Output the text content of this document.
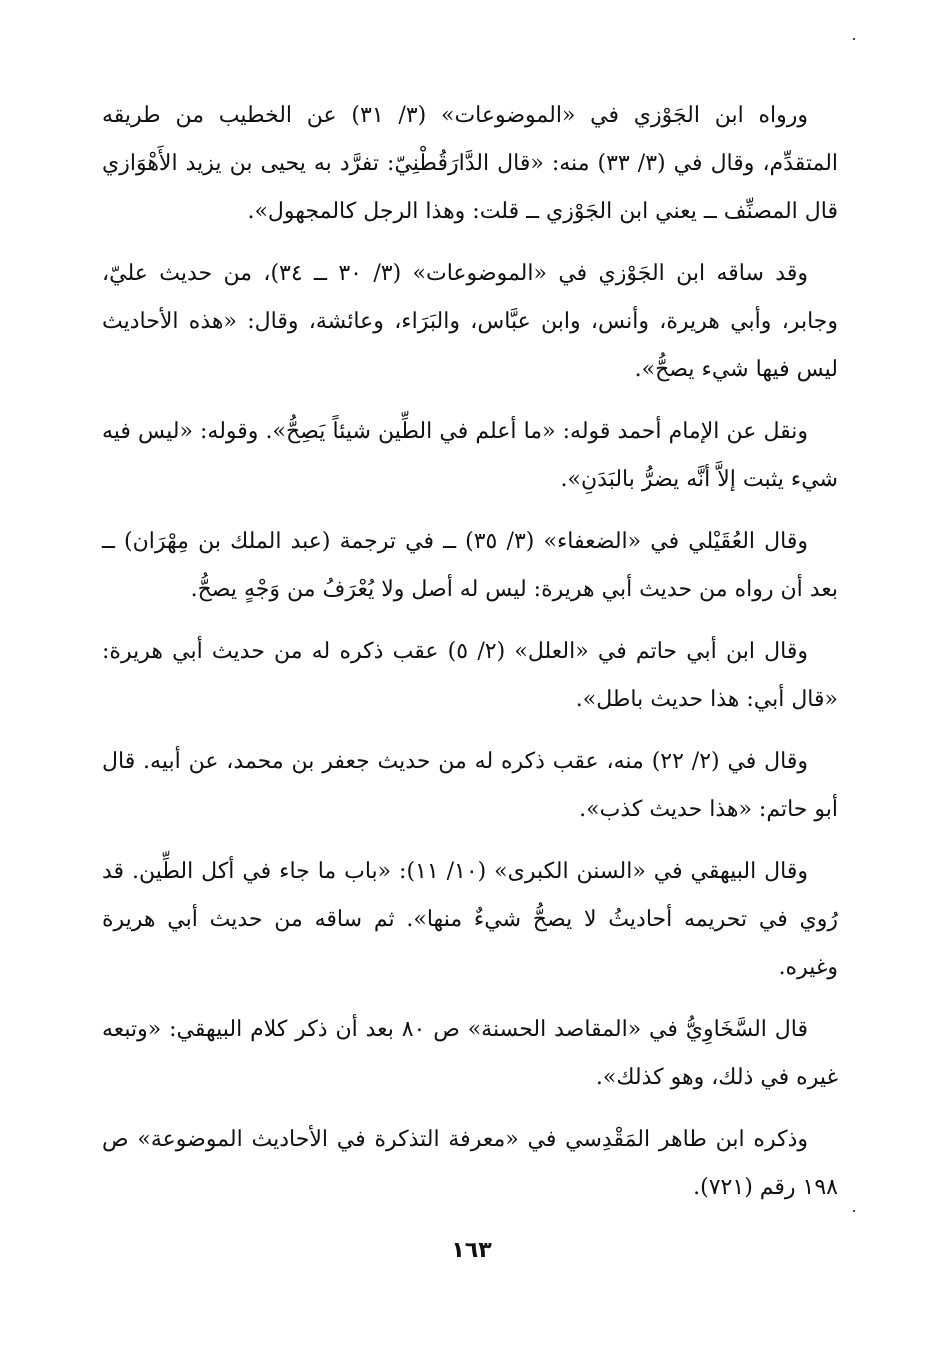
ورواه ابن الجَوْزي في «الموضوعات» (٣/ ٣١) عن الخطيب من طريقه المتقدِّم، وقال في (٣/ ٣٣) منه: «قال الدَّارَقُطْنِيّ: تفرَّد به يحيى بن يزيد الأَهْوَازي قال المصنِّف ــ يعني ابن الجَوْزي ــ قلت: وهذا الرجل كالمجهول».

وقد ساقه ابن الجَوْزي في «الموضوعات» (٣/ ٣٠ ــ ٣٤)، من حديث عليّ، وجابر، وأبي هريرة، وأنس، وابن عبَّاس، والبَرَاء، وعائشة، وقال: «هذه الأحاديث ليس فيها شيء يصحُّ».

ونقل عن الإمام أحمد قوله: «ما أعلم في الطِّين شيئاً يَصِحُّ». وقوله: «ليس فيه شيء يثبت إلاَّ أنَّه يضرُّ بالبَدَنِ».

وقال العُقَيْلي في «الضعفاء» (٣/ ٣٥) ــ في ترجمة (عبد الملك بن مِهْرَان) ــ بعد أن رواه من حديث أبي هريرة: ليس له أصل ولا يُعْرَفُ من وَجْهٍ يصحُّ.

وقال ابن أبي حاتم في «العلل» (٢/ ٥) عقب ذكره له من حديث أبي هريرة: «قال أبي: هذا حديث باطل».

وقال في (٢/ ٢٢) منه، عقب ذكره له من حديث جعفر بن محمد، عن أبيه. قال أبو حاتم: «هذا حديث كذب».

وقال البيهقي في «السنن الكبرى» (١٠/ ١١): «باب ما جاء في أكل الطِّين. قد رُوي في تحريمه أحاديثُ لا يصحُّ شيءٌ منها». ثم ساقه من حديث أبي هريرة وغيره.

قال السَّخَاوِيُّ في «المقاصد الحسنة» ص ٨٠ بعد أن ذكر كلام البيهقي: «وتبعه غيره في ذلك، وهو كذلك».

وذكره ابن طاهر المَقْدِسي في «معرفة التذكرة في الأحاديث الموضوعة» ص ١٩٨ رقم (٧٢١).

١٦٣
